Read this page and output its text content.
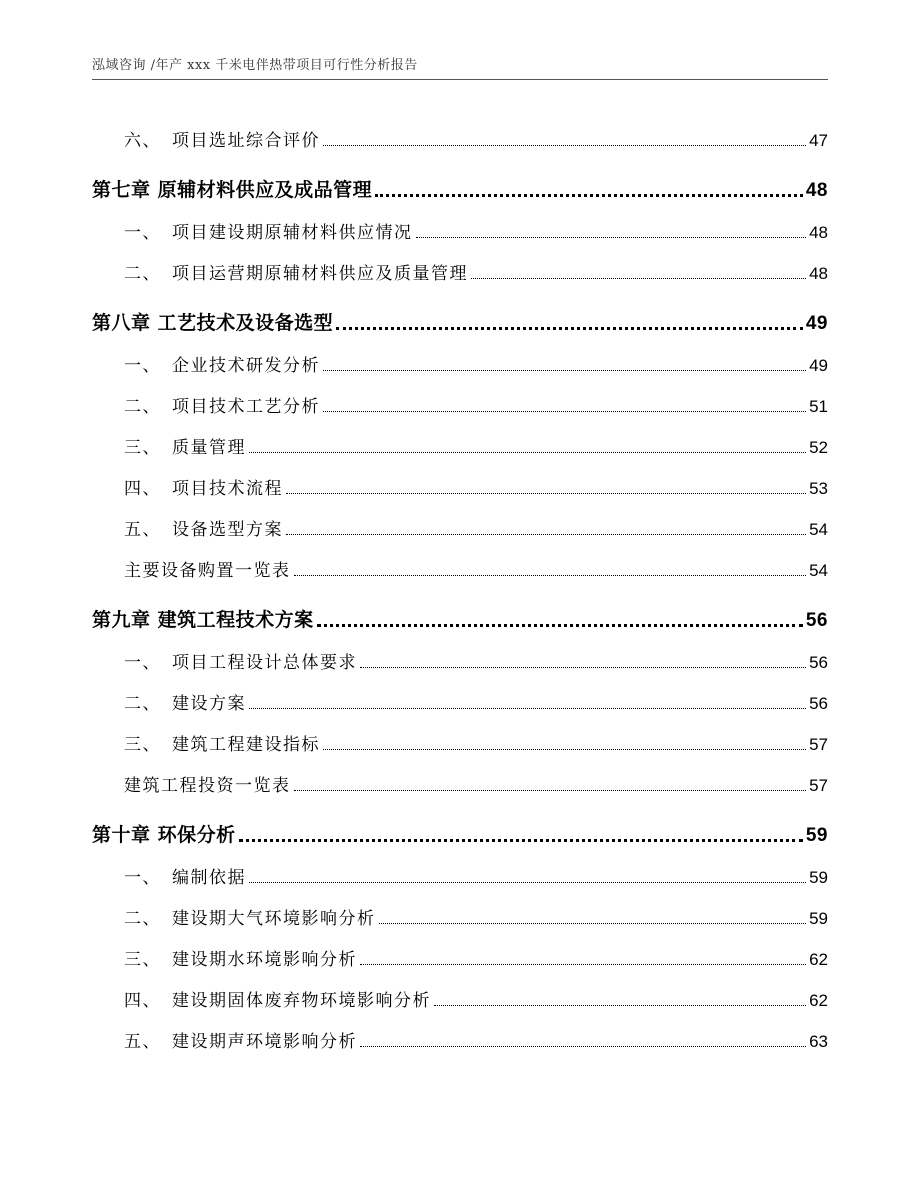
泓域咨询 /年产 xxx 千米电伴热带项目可行性分析报告
六、 项目选址综合评价	47
第七章 原辅材料供应及成品管理	48
一、 项目建设期原辅材料供应情况	48
二、 项目运营期原辅材料供应及质量管理	48
第八章 工艺技术及设备选型	49
一、 企业技术研发分析	49
二、 项目技术工艺分析	51
三、 质量管理	52
四、 项目技术流程	53
五、 设备选型方案	54
主要设备购置一览表	54
第九章 建筑工程技术方案	56
一、 项目工程设计总体要求	56
二、 建设方案	56
三、 建筑工程建设指标	57
建筑工程投资一览表	57
第十章 环保分析	59
一、 编制依据	59
二、 建设期大气环境影响分析	59
三、 建设期水环境影响分析	62
四、 建设期固体废弃物环境影响分析	62
五、 建设期声环境影响分析	63
